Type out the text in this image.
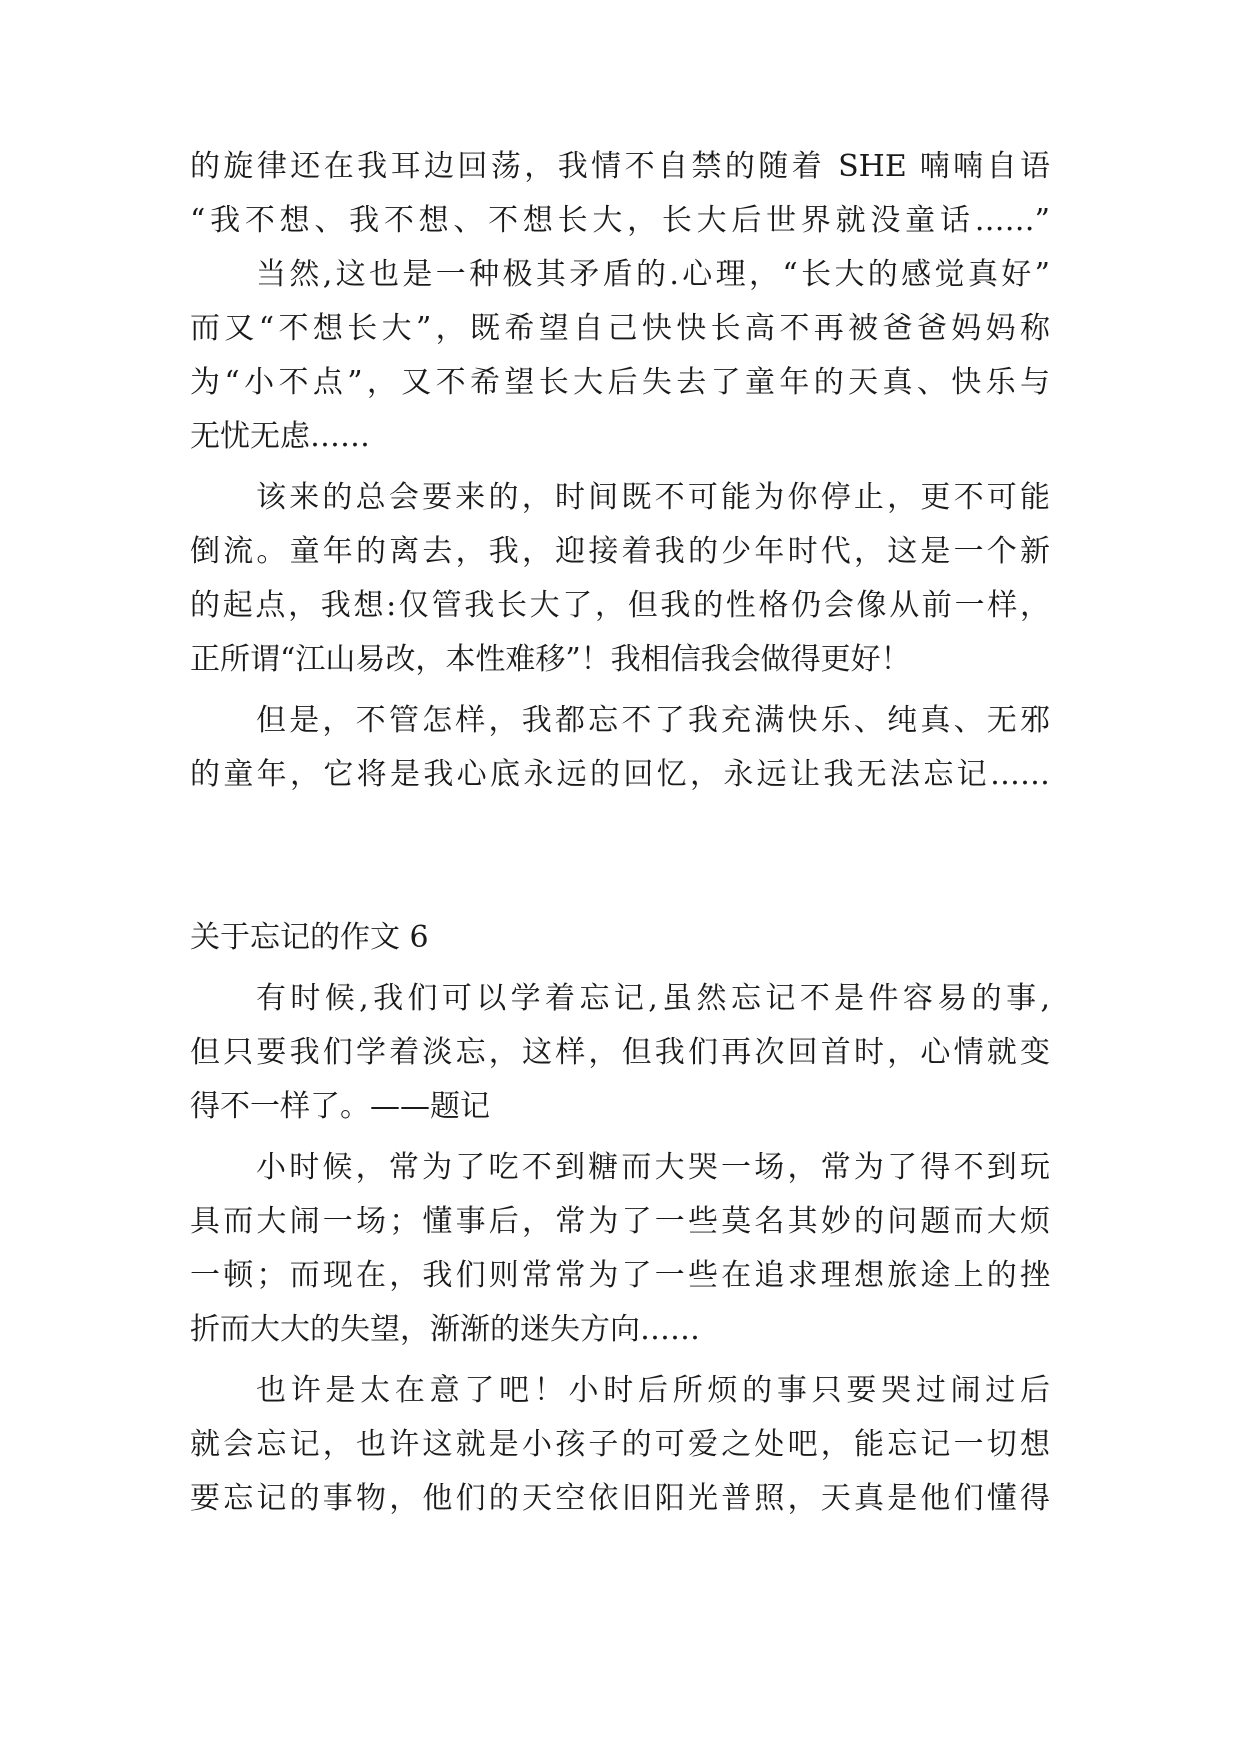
的旋律还在我耳边回荡，我情不自禁的随着 SHE 喃喃自语
“我不想、我不想、不想长大，长大后世界就没童话……”
当然,这也是一种极其矛盾的.心理，“长大的感觉真好”
而又“不想长大”，既希望自己快快长高不再被爸爸妈妈称
为“小不点”，又不希望长大后失去了童年的天真、快乐与
无忧无虑……
该来的总会要来的，时间既不可能为你停止，更不可能
倒流。童年的离去，我，迎接着我的少年时代，这是一个新
的起点，我想:仅管我长大了，但我的性格仍会像从前一样，
正所谓“江山易改，本性难移”！我相信我会做得更好！
但是，不管怎样，我都忘不了我充满快乐、纯真、无邪
的童年，它将是我心底永远的回忆，永远让我无法忘记……
关于忘记的作文 6
有时候,我们可以学着忘记,虽然忘记不是件容易的事,
但只要我们学着淡忘，这样，但我们再次回首时，心情就变
得不一样了。——题记
小时候，常为了吃不到糖而大哭一场，常为了得不到玩
具而大闹一场；懂事后，常为了一些莫名其妙的问题而大烦
一顿；而现在，我们则常常为了一些在追求理想旅途上的挫
折而大大的失望，渐渐的迷失方向……
也许是太在意了吧！小时后所烦的事只要哭过闹过后
就会忘记，也许这就是小孩子的可爱之处吧，能忘记一切想
要忘记的事物，他们的天空依旧阳光普照，天真是他们懂得
